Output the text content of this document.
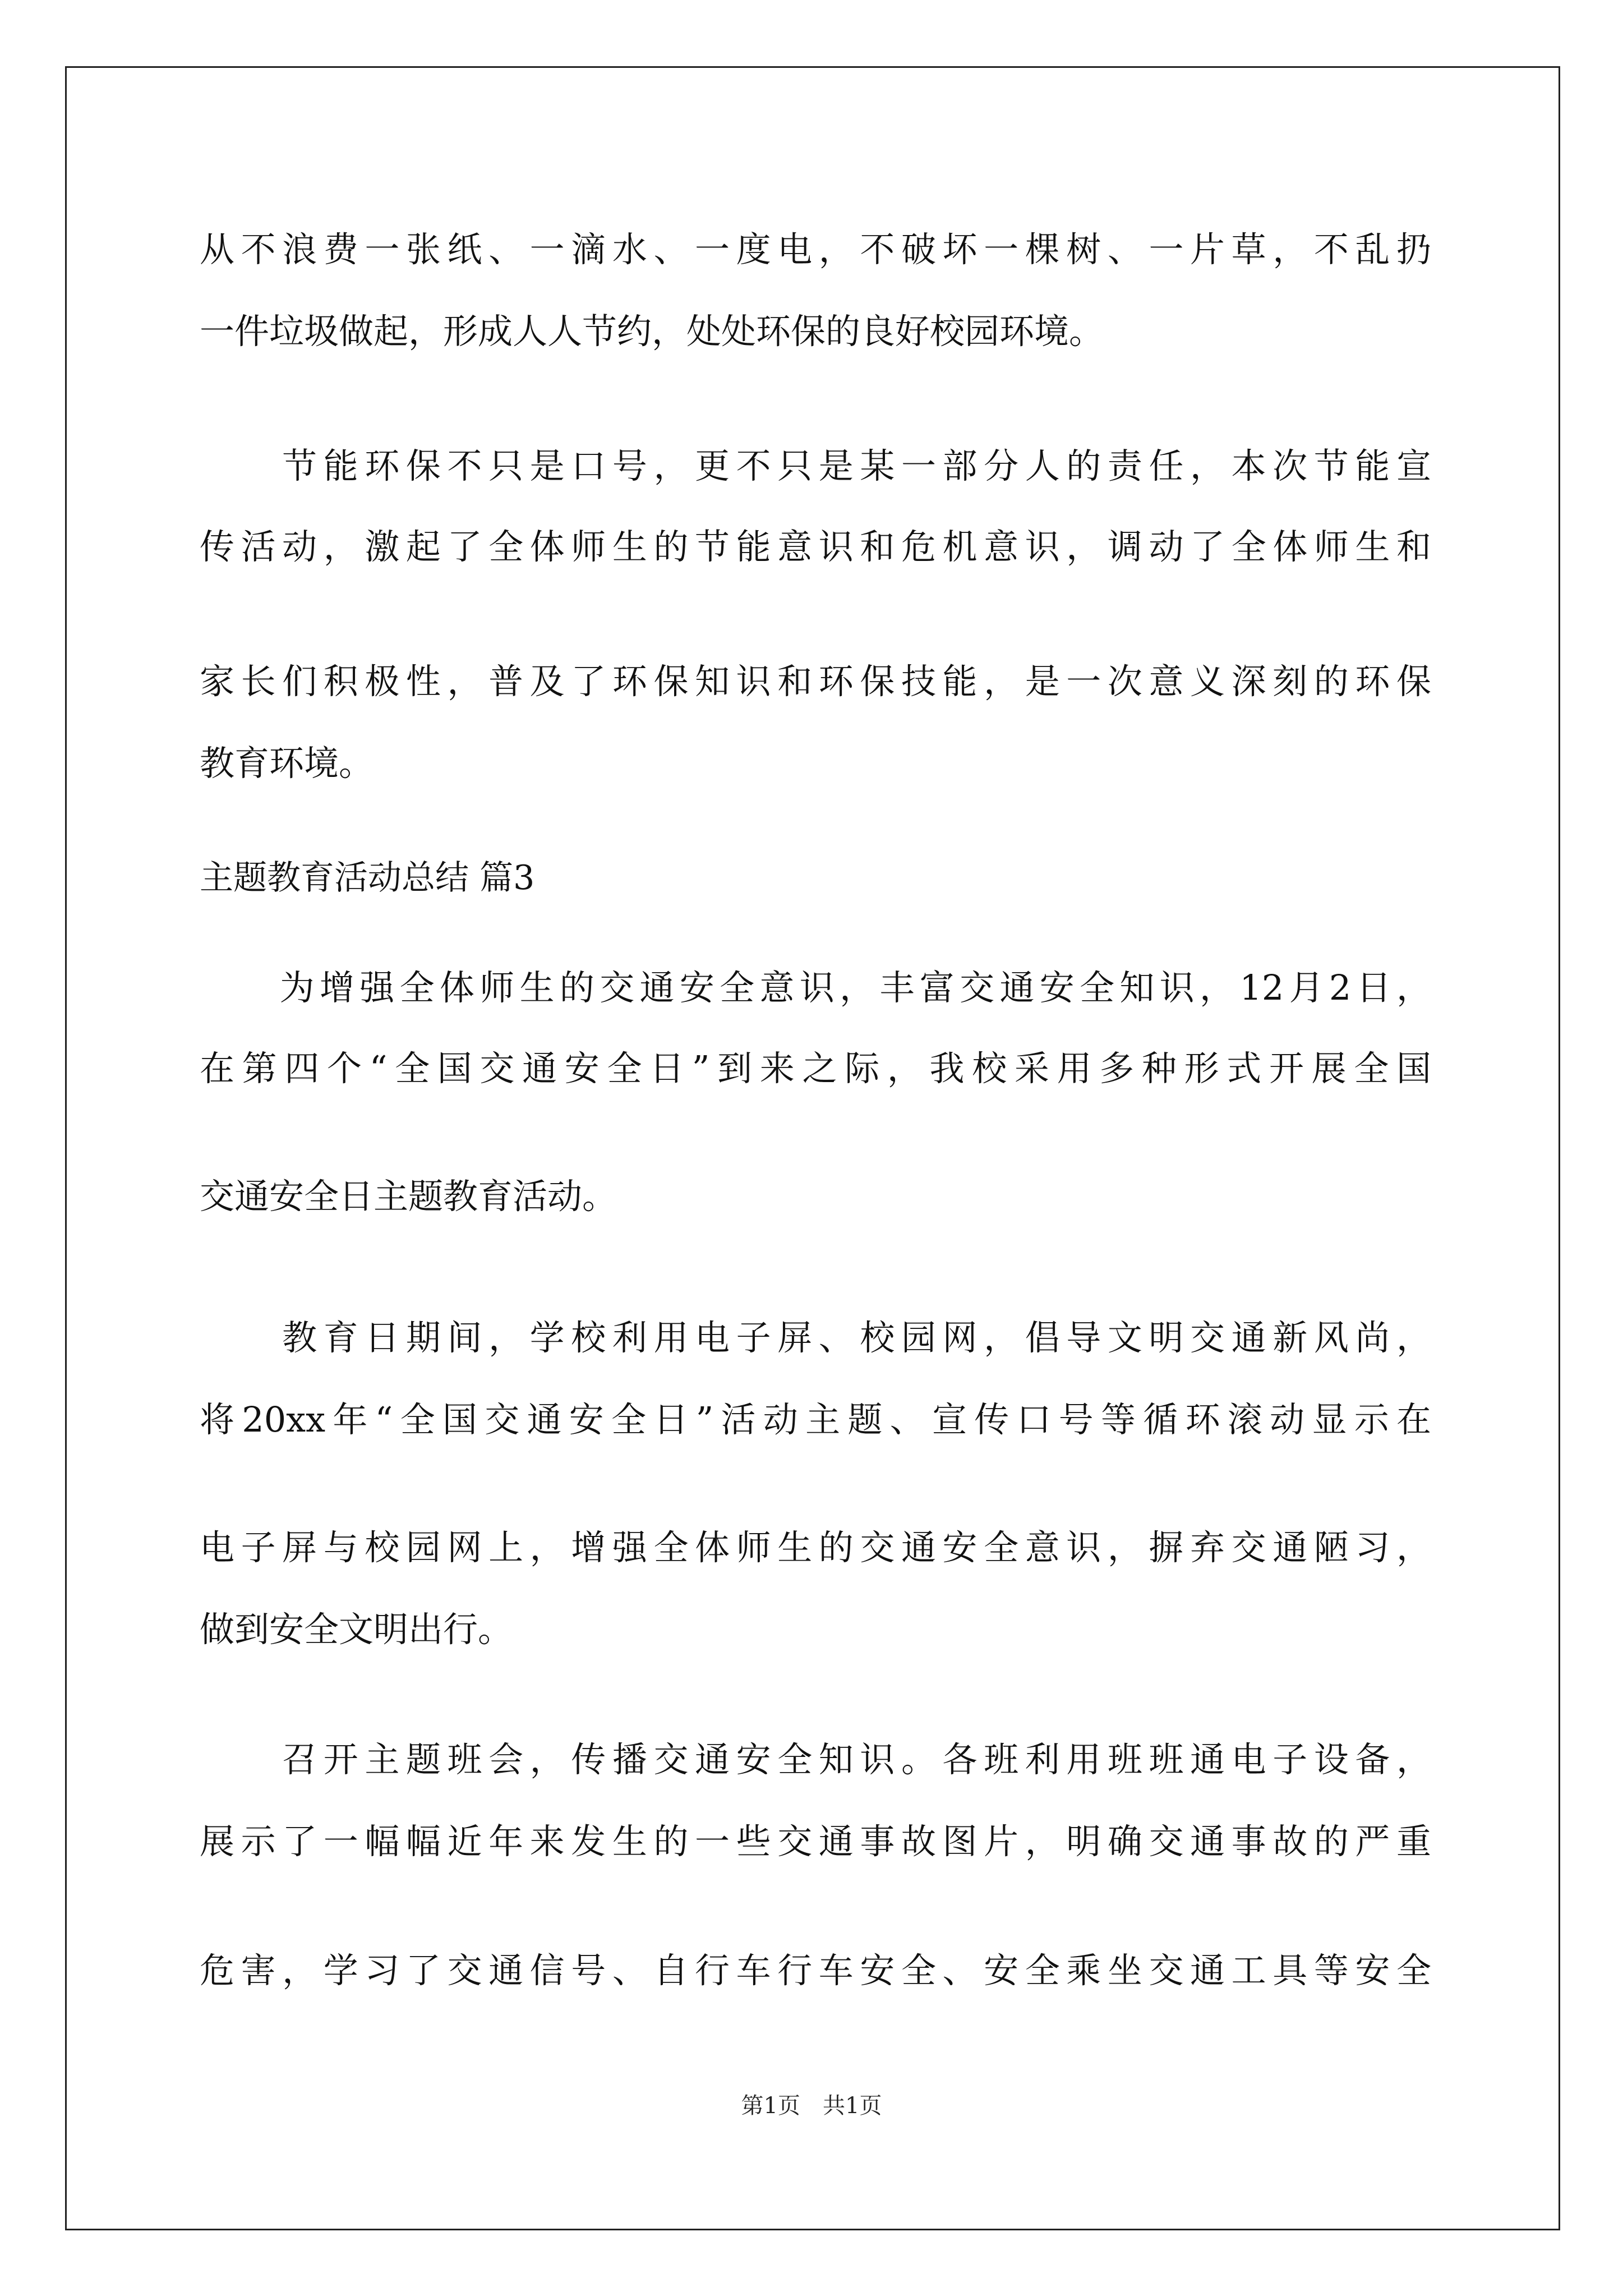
从不浪费一张纸、一滴水、一度电，不破坏一棵树、一片草，不乱扔
一件垃圾做起，形成人人节约，处处环保的良好校园环境。
　　节能环保不只是口号，更不只是某一部分人的责任，本次节能宣
传活动，激起了全体师生的节能意识和危机意识，调动了全体师生和
家长们积极性，普及了环保知识和环保技能，是一次意义深刻的环保
教育环境。
主题教育活动总结 篇3
　　为增强全体师生的交通安全意识，丰富交通安全知识，12月2日，
在第四个“全国交通安全日”到来之际，我校采用多种形式开展全国
交通安全日主题教育活动。
　　教育日期间，学校利用电子屏、校园网，倡导文明交通新风尚，
将20xx年“全国交通安全日”活动主题、宣传口号等循环滚动显示在
电子屏与校园网上，增强全体师生的交通安全意识，摒弃交通陋习，
做到安全文明出行。
　　召开主题班会，传播交通安全知识。各班利用班班通电子设备，
展示了一幅幅近年来发生的一些交通事故图片，明确交通事故的严重
危害，学习了交通信号、自行车行车安全、安全乘坐交通工具等安全
第1页　共1页
